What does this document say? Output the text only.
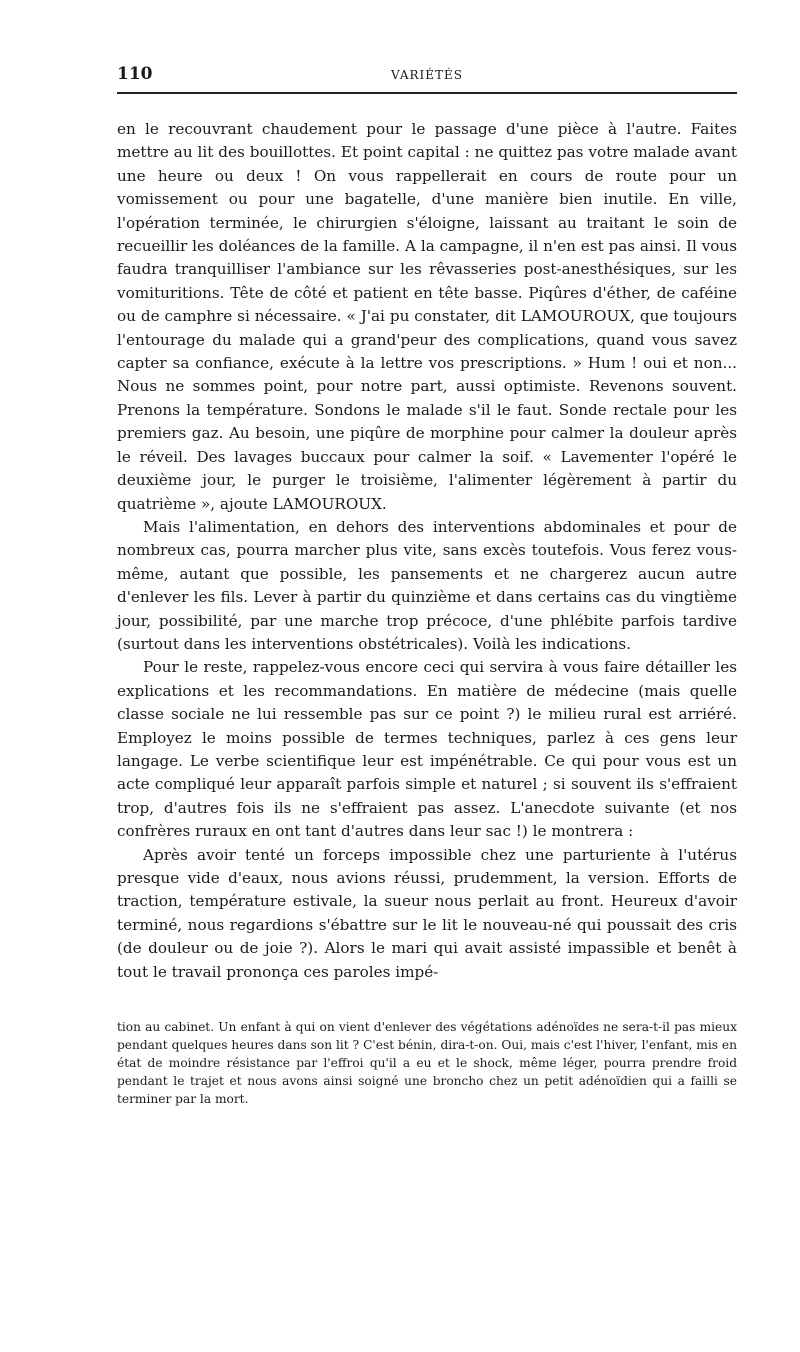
110	VARIÉTÉS

en le recouvrant chaudement pour le passage d'une pièce à l'autre. Faites mettre au lit des bouillottes. Et point capital : ne quittez pas votre malade avant une heure ou deux ! On vous rappellerait en cours de route pour un vomissement ou pour une bagatelle, d'une manière bien inutile. En ville, l'opération terminée, le chirurgien s'éloigne, laissant au traitant le soin de recueillir les doléances de la famille. A la campagne, il n'en est pas ainsi. Il vous faudra tranquilliser l'ambiance sur les rêvasseries post-anesthésiques, sur les vomituritions. Tête de côté et patient en tête basse. Piqûres d'éther, de caféine ou de camphre si nécessaire. « J'ai pu constater, dit LAMOUROUX, que toujours l'entourage du malade qui a grand'peur des complications, quand vous savez capter sa confiance, exécute à la lettre vos prescriptions. » Hum ! oui et non... Nous ne sommes point, pour notre part, aussi optimiste. Revenons souvent. Prenons la température. Sondons le malade s'il le faut. Sonde rectale pour les premiers gaz. Au besoin, une piqûre de morphine pour calmer la douleur après le réveil. Des lavages buccaux pour calmer la soif. « Lavementer l'opéré le deuxième jour, le purger le troisième, l'alimenter légèrement à partir du quatrième », ajoute LAMOUROUX.

Mais l'alimentation, en dehors des interventions abdominales et pour de nombreux cas, pourra marcher plus vite, sans excès toutefois. Vous ferez vous-même, autant que possible, les pansements et ne chargerez aucun autre d'enlever les fils. Lever à partir du quinzième et dans certains cas du vingtième jour, possibilité, par une marche trop précoce, d'une phlébite parfois tardive (surtout dans les interventions obstétricales). Voilà les indications.

Pour le reste, rappelez-vous encore ceci qui servira à vous faire détailler les explications et les recommandations. En matière de médecine (mais quelle classe sociale ne lui ressemble pas sur ce point ?) le milieu rural est arriéré. Employez le moins possible de termes techniques, parlez à ces gens leur langage. Le verbe scientifique leur est impénétrable. Ce qui pour vous est un acte compliqué leur apparaît parfois simple et naturel ; si souvent ils s'effraient trop, d'autres fois ils ne s'effraient pas assez. L'anecdote suivante (et nos confrères ruraux en ont tant d'autres dans leur sac !) le montrera :

Après avoir tenté un forceps impossible chez une parturiente à l'utérus presque vide d'eaux, nous avions réussi, prudemment, la version. Efforts de traction, température estivale, la sueur nous perlait au front. Heureux d'avoir terminé, nous regardions s'ébattre sur le lit le nouveau-né qui poussait des cris (de douleur ou de joie ?). Alors le mari qui avait assisté impassible et benêt à tout le travail prononça ces paroles impé-

tion au cabinet. Un enfant à qui on vient d'enlever des végétations adénoïdes ne sera-t-il pas mieux pendant quelques heures dans son lit ? C'est bénin, dira-t-on. Oui, mais c'est l'hiver, l'enfant, mis en état de moindre résistance par l'effroi qu'il a eu et le shock, même léger, pourra prendre froid pendant le trajet et nous avons ainsi soigné une broncho chez un petit adénoïdien qui a failli se terminer par la mort.
